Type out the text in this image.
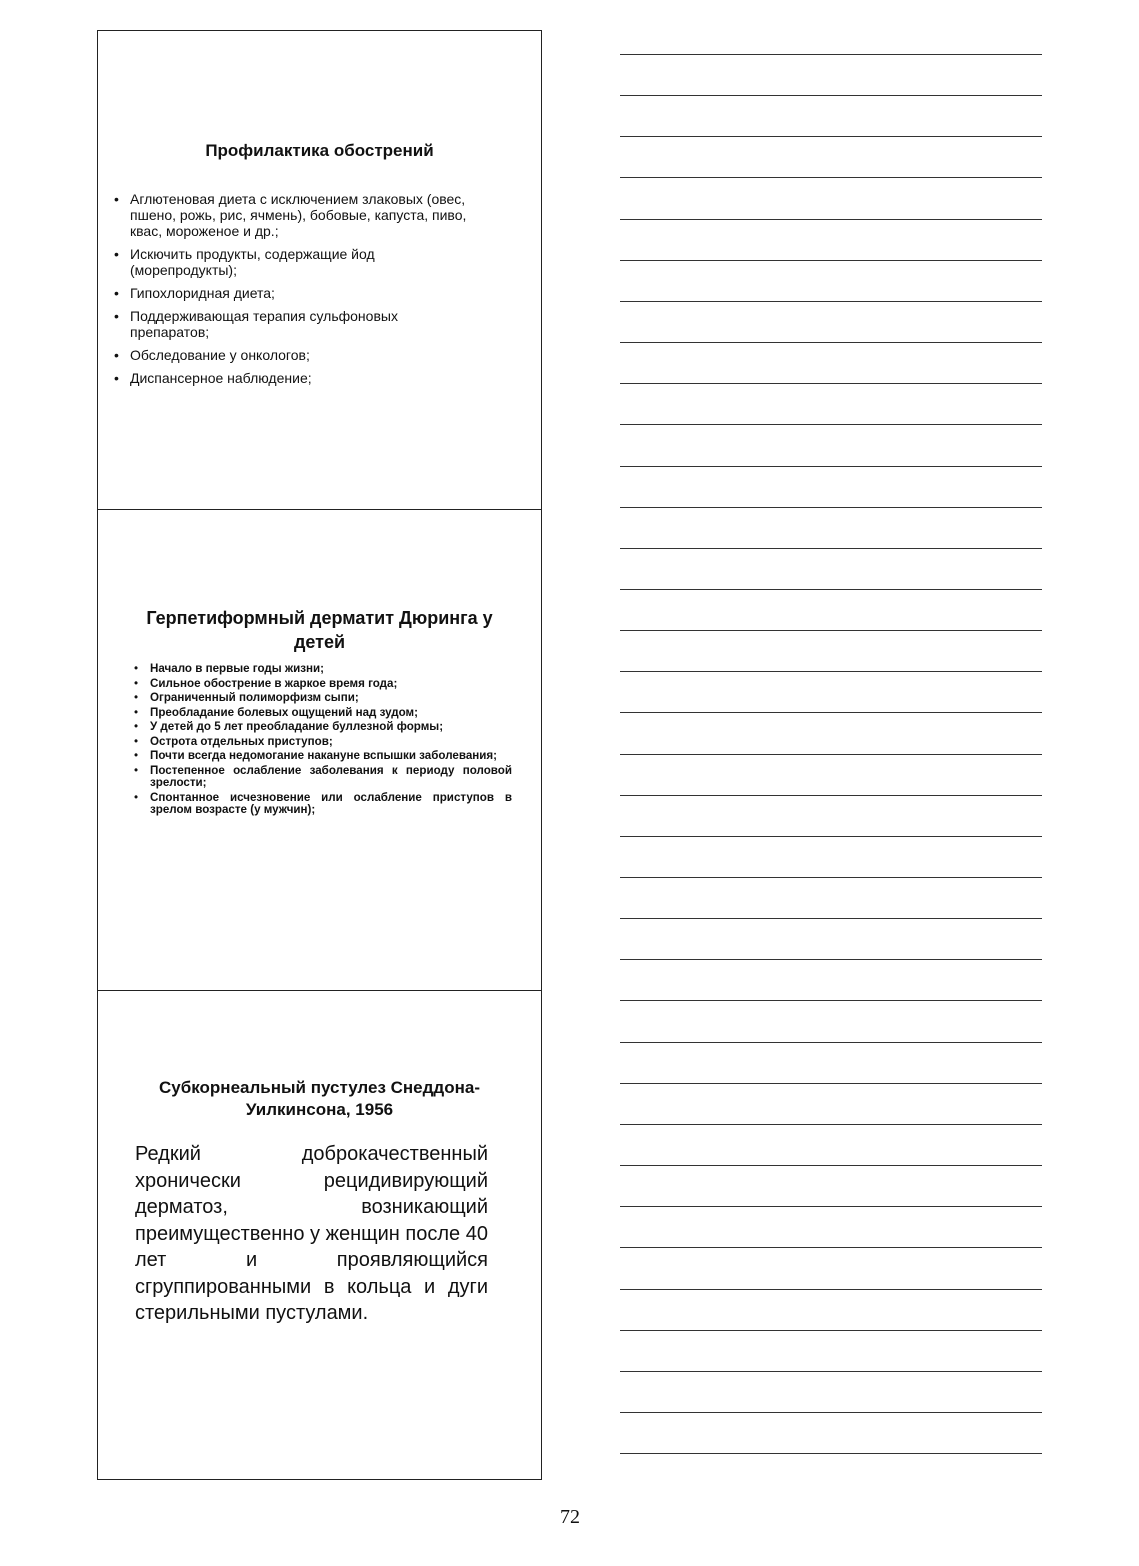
Профилактика обострений
• Аглютеновая диета с исключением злаковых (овес, пшено, рожь, рис, ячмень), бобовые, капуста, пиво, квас, мороженое и др.;
• Искючить продукты, содержащие йод (морепродукты);
• Гипохлоридная диета;
• Поддерживающая терапия сульфоновых препаратов;
• Обследование у онкологов;
• Диспансерное наблюдение;
Герпетиформный дерматит Дюринга у детей
• Начало в первые годы жизни;
• Сильное обострение в жаркое время года;
• Ограниченный полиморфизм сыпи;
• Преобладание болевых ощущений над зудом;
• У детей до 5 лет преобладание буллезной формы;
• Острота отдельных приступов;
• Почти всегда недомогание накануне вспышки заболевания;
• Постепенное ослабление заболевания к периоду половой зрелости;
• Спонтанное исчезновение или ослабление приступов в зрелом возрасте (у мужчин);
Субкорнеальный пустулез Снеддона-Уилкинсона, 1956

Редкий доброкачественный хронически рецидивирующий дерматоз, возникающий преимущественно у женщин после 40 лет и проявляющийся сгруппированными в кольца и дуги стерильными пустулами.

72
